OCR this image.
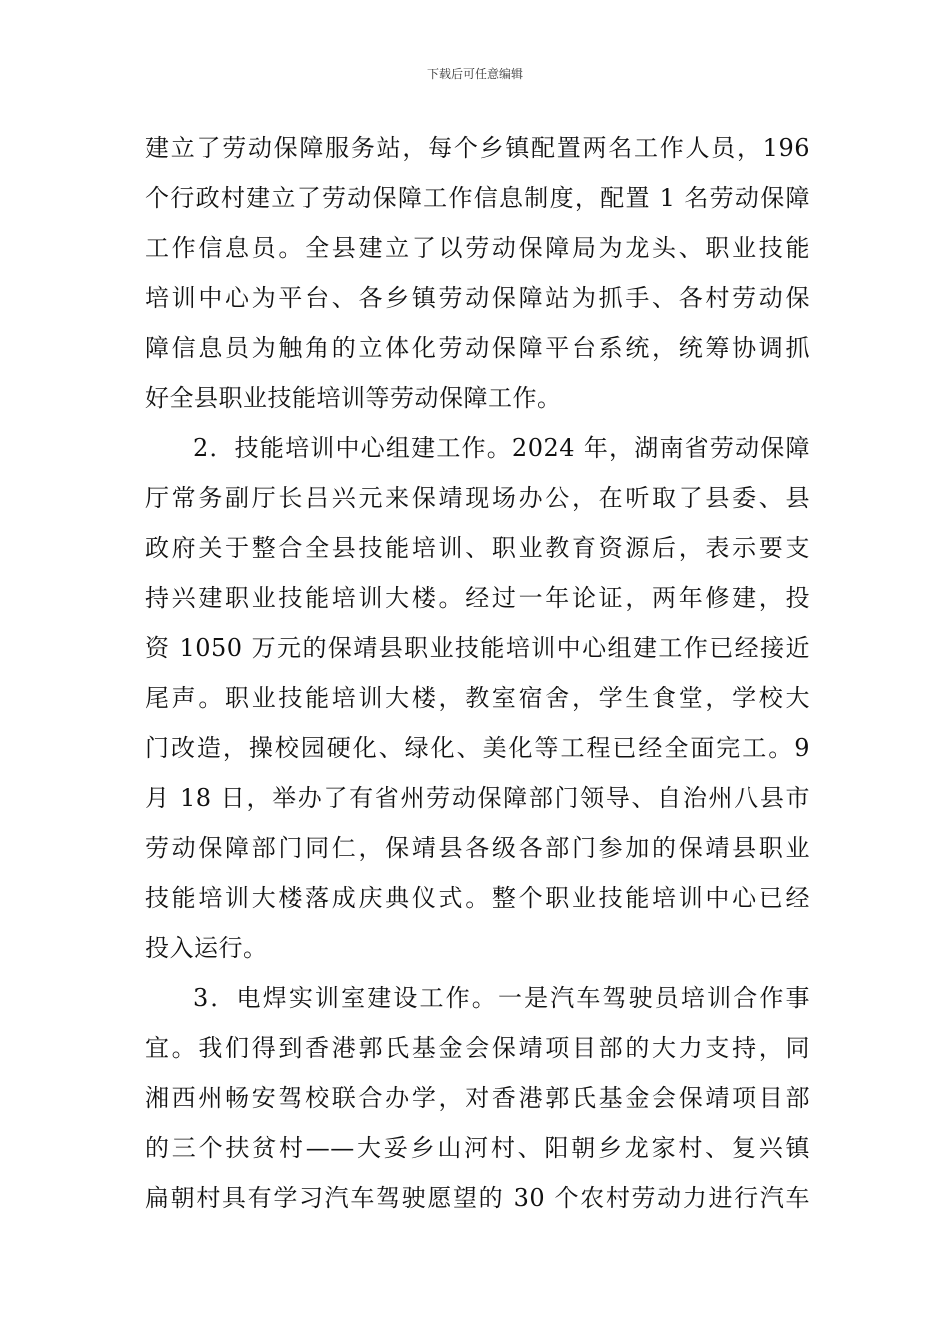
下载后可任意编辑
建立了劳动保障服务站，每个乡镇配置两名工作人员，196
个行政村建立了劳动保障工作信息制度，配置 1 名劳动保障
工作信息员。全县建立了以劳动保障局为龙头、职业技能
培训中心为平台、各乡镇劳动保障站为抓手、各村劳动保
障信息员为触角的立体化劳动保障平台系统，统筹协调抓
好全县职业技能培训等劳动保障工作。
2．技能培训中心组建工作。2024 年，湖南省劳动保障
厅常务副厅长吕兴元来保靖现场办公，在听取了县委、县
政府关于整合全县技能培训、职业教育资源后，表示要支
持兴建职业技能培训大楼。经过一年论证，两年修建，投
资 1050 万元的保靖县职业技能培训中心组建工作已经接近
尾声。职业技能培训大楼，教室宿舍，学生食堂，学校大
门改造，操校园硬化、绿化、美化等工程已经全面完工。9
月 18 日，举办了有省州劳动保障部门领导、自治州八县市
劳动保障部门同仁，保靖县各级各部门参加的保靖县职业
技能培训大楼落成庆典仪式。整个职业技能培训中心已经
投入运行。
3．电焊实训室建设工作。一是汽车驾驶员培训合作事
宜。我们得到香港郭氏基金会保靖项目部的大力支持，同
湘西州畅安驾校联合办学，对香港郭氏基金会保靖项目部
的三个扶贫村——大妥乡山河村、阳朝乡龙家村、复兴镇
扁朝村具有学习汽车驾驶愿望的 30 个农村劳动力进行汽车
